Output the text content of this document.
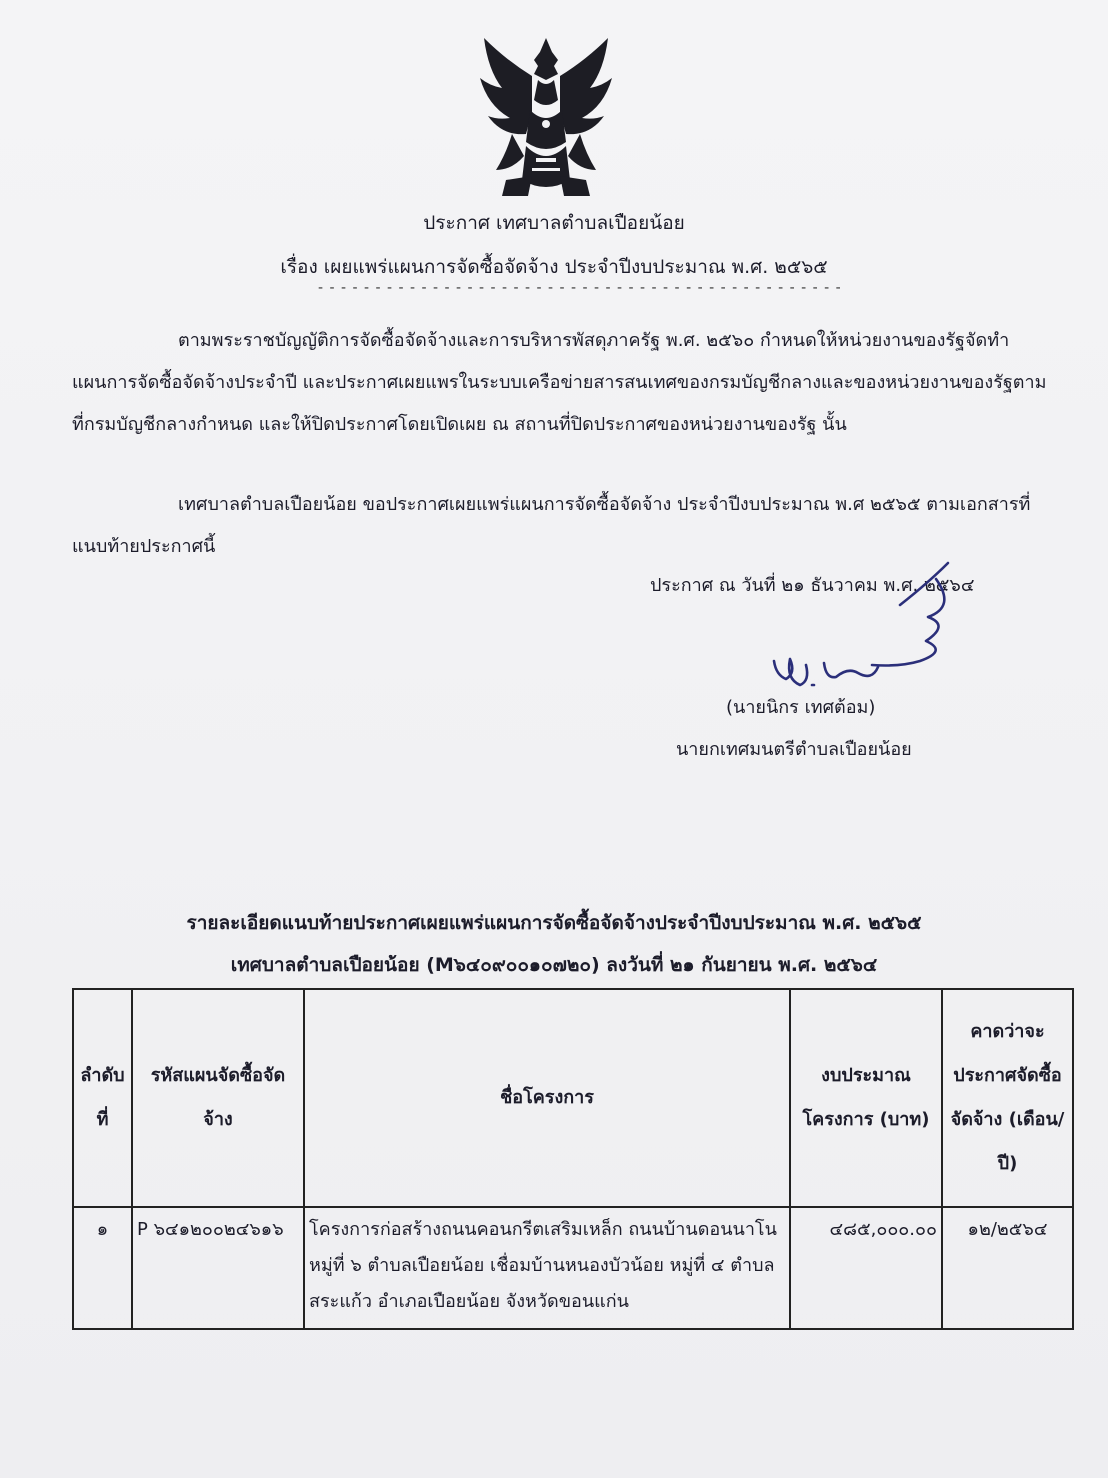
ประกาศ เทศบาลตำบลเปือยน้อย
เรื่อง เผยแพร่แผนการจัดซื้อจัดจ้าง ประจำปีงบประมาณ พ.ศ. ๒๕๖๕
- - - - - - - - - - - - - - - - - - - - - - - - - - - - - - - - - - - - - - - - - - - - - -
ตามพระราชบัญญัติการจัดซื้อจัดจ้างและการบริหารพัสดุภาครัฐ พ.ศ. ๒๕๖๐ กำหนดให้หน่วยงานของรัฐจัดทำแผนการจัดซื้อจัดจ้างประจำปี และประกาศเผยแพรในระบบเครือข่ายสารสนเทศของกรมบัญชีกลางและของหน่วยงานของรัฐตามที่กรมบัญชีกลางกำหนด และให้ปิดประกาศโดยเปิดเผย ณ สถานที่ปิดประกาศของหน่วยงานของรัฐ นั้น
เทศบาลตำบลเปือยน้อย ขอประกาศเผยแพร่แผนการจัดซื้อจัดจ้าง ประจำปีงบประมาณ พ.ศ ๒๕๖๕ ตามเอกสารที่แนบท้ายประกาศนี้
ประกาศ ณ วันที่ ๒๑ ธันวาคม พ.ศ. ๒๕๖๔
(นายนิกร เทศต้อม)
นายกเทศมนตรีตำบลเปือยน้อย
รายละเอียดแนบท้ายประกาศเผยแพร่แผนการจัดซื้อจัดจ้างประจำปีงบประมาณ พ.ศ. ๒๕๖๕
เทศบาลตำบลเปือยน้อย (M๖๔๐๙๐๐๑๐๗๒๐) ลงวันที่ ๒๑ กันยายน พ.ศ. ๒๕๖๔
ลำดับที่	รหัสแผนจัดซื้อจัดจ้าง	ชื่อโครงการ	งบประมาณโครงการ (บาท)	คาดว่าจะประกาศจัดซื้อจัดจ้าง (เดือน/ปี)
๑	P ๖๔๑๒๐๐๒๔๖๑๖	โครงการก่อสร้างถนนคอนกรีตเสริมเหล็ก ถนนบ้านดอนนาโน หมู่ที่ ๖ ตำบลเปือยน้อย เชื่อมบ้านหนองบัวน้อย หมู่ที่ ๔ ตำบลสระแก้ว อำเภอเปือยน้อย จังหวัดขอนแก่น	๔๘๕,๐๐๐.๐๐	๑๒/๒๕๖๔
